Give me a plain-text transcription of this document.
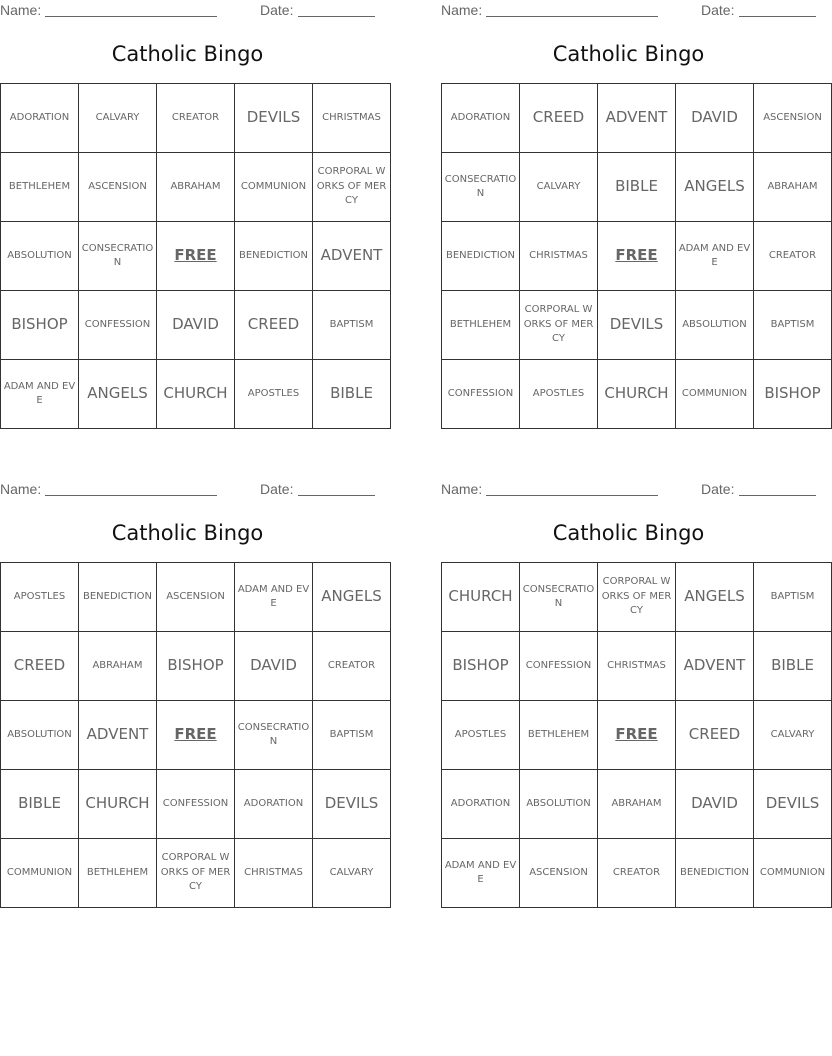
Name:	Date:
Catholic Bingo
ADORATION	CALVARY	CREATOR	DEVILS	CHRISTMAS
BETHLEHEM	ASCENSION	ABRAHAM	COMMUNION	CORPORAL WORKS OF MERCY
ABSOLUTION	CONSECRATION	FREE	BENEDICTION	ADVENT
BISHOP	CONFESSION	DAVID	CREED	BAPTISM
ADAM AND EVE	ANGELS	CHURCH	APOSTLES	BIBLE
Name:	Date:
Catholic Bingo
ADORATION	CREED	ADVENT	DAVID	ASCENSION
CONSECRATION	CALVARY	BIBLE	ANGELS	ABRAHAM
BENEDICTION	CHRISTMAS	FREE	ADAM AND EVE	CREATOR
BETHLEHEM	CORPORAL WORKS OF MERCY	DEVILS	ABSOLUTION	BAPTISM
CONFESSION	APOSTLES	CHURCH	COMMUNION	BISHOP
Name:	Date:
Catholic Bingo
APOSTLES	BENEDICTION	ASCENSION	ADAM AND EVE	ANGELS
CREED	ABRAHAM	BISHOP	DAVID	CREATOR
ABSOLUTION	ADVENT	FREE	CONSECRATION	BAPTISM
BIBLE	CHURCH	CONFESSION	ADORATION	DEVILS
COMMUNION	BETHLEHEM	CORPORAL WORKS OF MERCY	CHRISTMAS	CALVARY
Name:	Date:
Catholic Bingo
CHURCH	CONSECRATION	CORPORAL WORKS OF MERCY	ANGELS	BAPTISM
BISHOP	CONFESSION	CHRISTMAS	ADVENT	BIBLE
APOSTLES	BETHLEHEM	FREE	CREED	CALVARY
ADORATION	ABSOLUTION	ABRAHAM	DAVID	DEVILS
ADAM AND EVE	ASCENSION	CREATOR	BENEDICTION	COMMUNION
